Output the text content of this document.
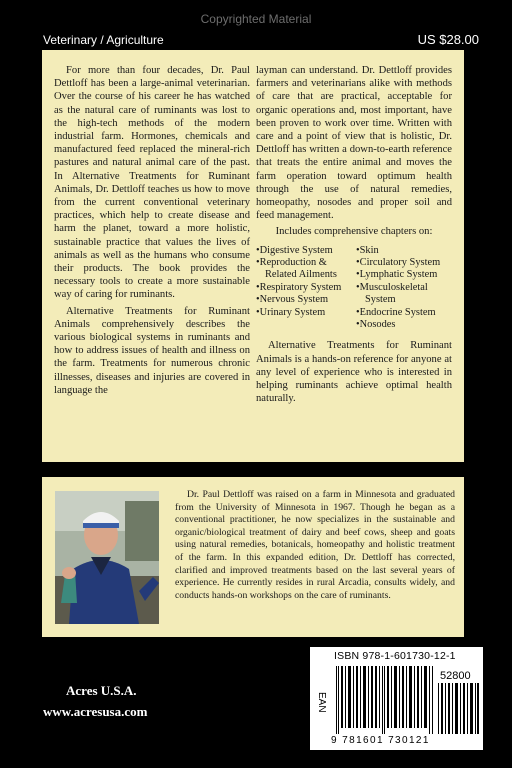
Copyrighted Material
Veterinary / Agriculture	US $28.00

For more than four decades, Dr. Paul Dettloff has been a large-animal veterinarian. Over the course of his career he has watched as the natural care of ruminants was lost to the high-tech methods of the modern industrial farm. Hormones, chemicals and manufactured feed replaced the mineral-rich pastures and natural animal care of the past. In Alternative Treatments for Ruminant Animals, Dr. Dettloff teaches us how to move from the current conventional veterinary practices, which help to create disease and harm the planet, toward a more holistic, sustainable practice that values the lives of animals as well as the humans who consume their products. The book provides the necessary tools to create a more sustainable way of caring for ruminants.

Alternative Treatments for Ruminant Animals comprehensively describes the various biological systems in ruminants and how to address issues of health and illness on the farm. Treatments for numerous chronic illnesses, diseases and injuries are covered in language the

layman can understand. Dr. Dettloff provides farmers and veterinarians alike with methods of care that are practical, acceptable for organic operations and, most important, have been proven to work over time. Written with care and a point of view that is holistic, Dr. Dettloff has written a down-to-earth reference that treats the entire animal and moves the farm operation toward optimum health through the use of natural remedies, homeopathy, nosodes and proper soil and feed management.

Includes comprehensive chapters on:

• Digestive System
• Reproduction & Related Ailments
• Respiratory System
• Nervous System
• Urinary System
• Skin
• Circulatory System
• Lymphatic System
• Musculoskeletal System
• Endocrine System
• Nosodes

Alternative Treatments for Ruminant Animals is a hands-on reference for anyone at any level of experience who is interested in helping ruminants achieve optimal health naturally.

Dr. Paul Dettloff was raised on a farm in Minnesota and graduated from the University of Minnesota in 1967. Though he began as a conventional practitioner, he now specializes in the sustainable and organic/biological treatment of dairy and beef cows, sheep and goats using natural remedies, botanicals, homeopathy and holistic treatment of the farm. In this expanded edition, Dr. Dettloff has corrected, clarified and improved treatments based on the last several years of experience. He currently resides in rural Arcadia, consults widely, and conducts hands-on workshops on the care of ruminants.

Acres U.S.A.
www.acresusa.com
ISBN 978-1-601730-12-1
52800
EAN
9 781601 730121
